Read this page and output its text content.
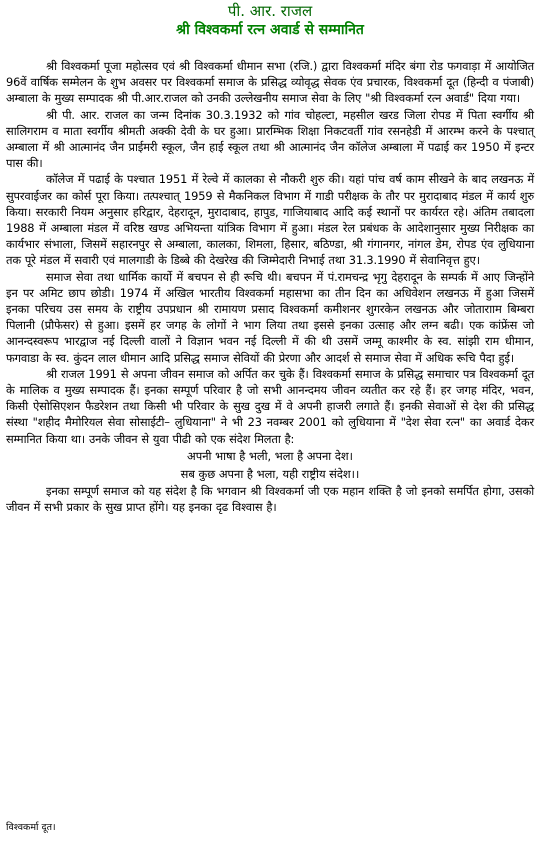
पी. आर. राजल
श्री विश्वकर्मा रत्न अवार्ड से सम्मानित

श्री विश्वकर्मा पूजा महोत्सव एवं श्री विश्वकर्मा धीमान सभा (रजि.) द्वारा विश्वकर्मा मंदिर बंगा रोड फगवाड़ा में आयोजित 96वें वार्षिक सम्मेलन के शुभ अवसर पर विश्वकर्मा समाज के प्रसिद्ध व्योवृद्ध सेवक एंव प्रचारक, विश्वकर्मा दूत (हिन्दी व पंजाबी) अम्बाला के मुख्य सम्पादक श्री पी.आर.राजल को उनकी उल्लेखनीय समाज सेवा के लिए "श्री विश्वकर्मा रत्न अवार्ड" दिया गया।

श्री पी. आर. राजल का जन्म दिनांक 30.3.1932 को गांव चोहल्टा, महसील खरड जिला रोपड में पिता स्वर्गीय श्री सालिगराम व माता स्वर्गीय श्रीमती अक्की देवी के घर हुआ। प्रारम्भिक शिक्षा निकटवर्ती गांव रसनहेडी में आरम्भ करने के पश्चात् अम्बाला में श्री आत्मानंद जैन प्राईमरी स्कूल, जैन हाई स्कूल तथा श्री आत्मानंद जैन कॉलेज अम्बाला में पढाई कर 1950 में इन्टर पास की।

कॉलेज में पढाई के पश्चात 1951 में रेल्वे में कालका से नौकरी शुरु की। यहां पांच वर्ष काम सीखने के बाद लखनऊ में सुपरवाईजर का कोर्स पूरा किया। तत्पश्चात् 1959 से मैकनिकल विभाग में गाडी परीक्षक के तौर पर मुरादाबाद मंडल में कार्य शुरु किया। सरकारी नियम अनुसार हरिद्वार, देहरादून, मुरादाबाद, हापुड, गाजियाबाद आदि कई स्थानों पर कार्यरत रहे। अंतिम तबादला 1988 में अम्बाला मंडल में वरिष्ठ खण्ड अभियन्ता यांत्रिक विभाग में हुआ। मंडल रेल प्रबंधक के आदेशानुसार मुख्य निरीक्षक का कार्यभार संभाला, जिसमें सहारनपुर से अम्बाला, कालका, शिमला, हिसार, बठिण्डा, श्री गंगानगर, नांगल डेम, रोपड एंव लुधियाना तक पूरे मंडल में सवारी एवं मालगाडी के डिब्बे की देखरेख की जिम्मेदारी निभाई तथा 31.3.1990 में सेवानिवृत्त हुए।

समाज सेवा तथा धार्मिक कार्यो में बचपन से ही रूचि थी। बचपन में पं.रामचन्द्र भृगु देहरादून के सम्पर्क में आए जिन्होंने इन पर अमिट छाप छोडी। 1974 में अखिल भारतीय विश्वकर्मा महासभा का तीन दिन का अधिवेशन लखनऊ में हुआ जिसमें इनका परिचय उस समय के राष्ट्रीय उपप्रधान श्री रामायण प्रसाद विश्वकर्मा कमीशनर शुगरकेन लखनऊ और जोतारााम बिम्बरा पिलानी (प्रौफेसर) से हुआ। इसमें हर जगह के लोगों ने भाग लिया तथा इससे इनका उत्साह और लग्न बढी। एक कांफ्रेंस जो आनन्दस्वरूप भारद्वाज नई दिल्ली वालों ने विज्ञान भवन नई दिल्ली में की थी उसमें जम्मू काश्मीर के स्व. सांझी राम धीमान, फगवाडा के स्व. कुंदन लाल धीमान आदि प्रसिद्ध समाज सेवियों की प्रेरणा और आदर्श से समाज सेवा में अधिक रूचि पैदा हुई।

श्री राजल 1991 से अपना जीवन समाज को अर्पित कर चुके हैं। विश्वकर्मा समाज के प्रसिद्ध समाचार पत्र विश्वकर्मा दूत के मालिक व मुख्य सम्पादक हैं। इनका सम्पूर्ण परिवार है जो सभी आनन्दमय जीवन व्यतीत कर रहे हैं। हर जगह मंदिर, भवन, किसी ऐसोसिएशन फैडरेशन तथा किसी भी परिवार के सुख दुख में वे अपनी हाजरी लगाते हैं। इनकी सेवाओं से देश की प्रसिद्ध संस्था "शहीद मैमोरियल सेवा सोसाईटी– लुधियाना" ने भी 23 नवम्बर 2001 को लुधियाना में "देश सेवा रत्न" का अवार्ड देकर सम्मानित किया था। उनके जीवन से युवा पीढी को एक संदेश मिलता है:

अपनी भाषा है भली, भला है अपना देश।

सब कुछ अपना है भला, यही राष्ट्रीय संदेश।।

इनका सम्पूर्ण समाज को यह संदेश है कि भगवान श्री विश्वकर्मा जी एक महान शक्ति है जो इनको समर्पित होगा, उसको जीवन में सभी प्रकार के सुख प्राप्त होंगे। यह इनका दृढ विश्वास है।

विश्वकर्मा दूत।
